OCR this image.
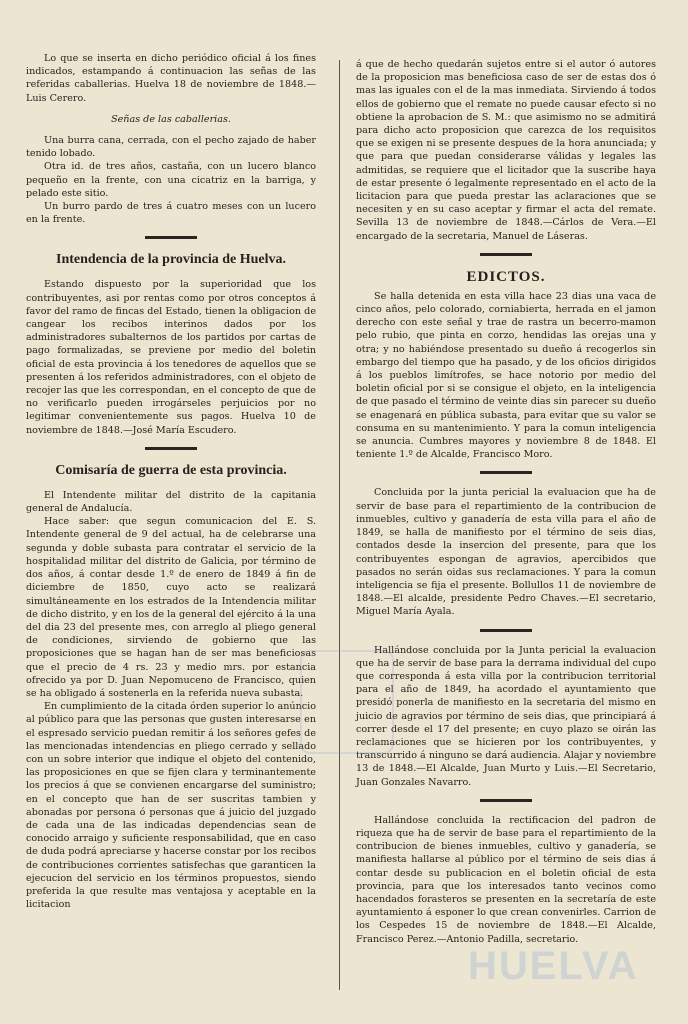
Lo que se inserta en dicho periódico oficial á los fines indicados, estampando á continuacion las señas de las referidas caballerias. Huelva 18 de noviembre de 1848.—Luis Cerero.

Señas de las caballerias.

Una burra cana, cerrada, con el pecho zajado de haber tenido lobado.

Otra id. de tres años, castaña, con un lucero blanco pequeño en la frente, con una cicatriz en la barriga, y pelado este sitio.

Un burro pardo de tres á cuatro meses con un lucero en la frente.

Intendencia de la provincia de Huelva.

Estando dispuesto por la superioridad que los contribuyentes, asi por rentas como por otros conceptos á favor del ramo de fincas del Estado, tienen la obligacion de cangear los recibos interinos dados por los administradores subalternos de los partidos por cartas de pago formalizadas, se previene por medio del boletin oficial de esta provincia á los tenedores de aquellos que se presenten á los referidos administradores, con el objeto de recojer las que les correspondan, en el concepto de que de no verificarlo pueden irrogárseles perjuicios por no legitimar convenientemente sus pagos. Huelva 10 de noviembre de 1848.—José María Escudero.

Comisaría de guerra de esta provincia.

El Intendente militar del distrito de la capitania general de Andalucía.

Hace saber: que segun comunicacion del E. S. Intendente general de 9 del actual, ha de celebrarse una segunda y doble subasta para contratar el servicio de la hospitalidad militar del distrito de Galicia, por término de dos años, á contar desde 1.º de enero de 1849 á fin de diciembre de 1850, cuyo acto se realizará simultáneamente en los estrados de la Intendencia militar de dicho distrito, y en los de la general del ejército á la una del dia 23 del presente mes, con arreglo al pliego general de condiciones, sirviendo de gobierno que las proposiciones que se hagan han de ser mas beneficiosas que el precio de 4 rs. 23 y medio mrs. por estancia ofrecido ya por D. Juan Nepomuceno de Francisco, quien se ha obligado á sostenerla en la referida nueva subasta.

En cumplimiento de la citada órden superior lo anúncio al público para que las personas que gusten interesarse en el espresado servicio puedan remitir á los señores gefes de las mencionadas intendencias en pliego cerrado y sellado con un sobre interior que indique el objeto del contenido, las proposiciones en que se fijen clara y terminantemente los precios á que se convienen encargarse del suministro; en el concepto que han de ser suscritas tambien y abonadas por persona ó personas que á juicio del juzgado de cada una de las indicadas dependencias sean de conocido arraigo y suficiente responsabilidad, que en caso de duda podrá apreciarse y hacerse constar por los recibos de contribuciones corrientes satisfechas que garanticen la ejecucion del servicio en los términos propuestos, siendo preferida la que resulte mas ventajosa y aceptable en la licitacion

á que de hecho quedarán sujetos entre si el autor ó autores de la proposicion mas beneficiosa caso de ser de estas dos ó mas las iguales con el de la mas inmediata. Sirviendo á todos ellos de gobierno que el remate no puede causar efecto si no obtiene la aprobacion de S. M.: que asimismo no se admitirá para dicho acto proposicion que carezca de los requisitos que se exigen ni se presente despues de la hora anunciada; y que para que puedan considerarse válidas y legales las admitidas, se requiere que el licitador que la suscribe haya de estar presente ó legalmente representado en el acto de la licitacion para que pueda prestar las aclaraciones que se necesiten y en su caso aceptar y firmar el acta del remate. Sevilla 13 de noviembre de 1848.—Cárlos de Vera.—El encargado de la secretaria, Manuel de Láseras.

EDICTOS.

Se halla detenida en esta villa hace 23 dias una vaca de cinco años, pelo colorado, corniabierta, herrada en el jamon derecho con este señal y trae de rastra un becerro-mamon pelo rubio, que pinta en corzo, hendidas las orejas una y otra; y no habiéndose presentado su dueño á recogerlos sin embargo del tiempo que ha pasado, y de los oficios dirigidos á los pueblos limítrofes, se hace notorio por medio del boletin oficial por si se consigue el objeto, en la inteligencia de que pasado el término de veinte dias sin parecer su dueño se enagenará en pública subasta, para evitar que su valor se consuma en su mantenimiento. Y para la comun inteligencia se anuncia. Cumbres mayores y noviembre 8 de 1848. El teniente 1.º de Alcalde, Francisco Moro.

Concluida por la junta pericial la evaluacion que ha de servir de base para el repartimiento de la contribucion de inmuebles, cultivo y ganadería de esta villa para el año de 1849, se halla de manifiesto por el término de seis dias, contados desde la insercion del presente, para que los contribuyentes espongan de agravios, apercibidos que pasados no serán oidas sus reclamaciones. Y para la comun inteligencia se fija el presente. Bollullos 11 de noviembre de 1848.—El alcalde, presidente Pedro Chaves.—El secretario, Miguel María Ayala.

Hallándose concluida por la Junta pericial la evaluacion que ha de servir de base para la derrama individual del cupo que corresponda á esta villa por la contribucion territorial para el año de 1849, ha acordado el ayuntamiento que presidó ponerla de manifiesto en la secretaria del mismo en juicio de agravios por término de seis dias, que principiará á correr desde el 17 del presente; en cuyo plazo se oirán las reclamaciones que se hicieren por los contribuyentes, y transcurrido á ninguno se dará audiencia. Alajar y noviembre 13 de 1848.—El Alcalde, Juan Murto y Luis.—El Secretario, Juan Gonzales Navarro.

Hallándose concluida la rectificacion del padron de riqueza que ha de servir de base para el repartimiento de la contribucion de bienes inmuebles, cultivo y ganadería, se manifiesta hallarse al público por el término de seis dias á contar desde su publicacion en el boletin oficial de esta provincia, para que los interesados tanto vecinos como hacendados forasteros se presenten en la secretaría de este ayuntamiento á esponer lo que crean convenirles. Carrion de los Cespedes 15 de noviembre de 1848.—El Alcalde, Francisco Perez.—Antonio Padilla, secretario.

HUELVA
